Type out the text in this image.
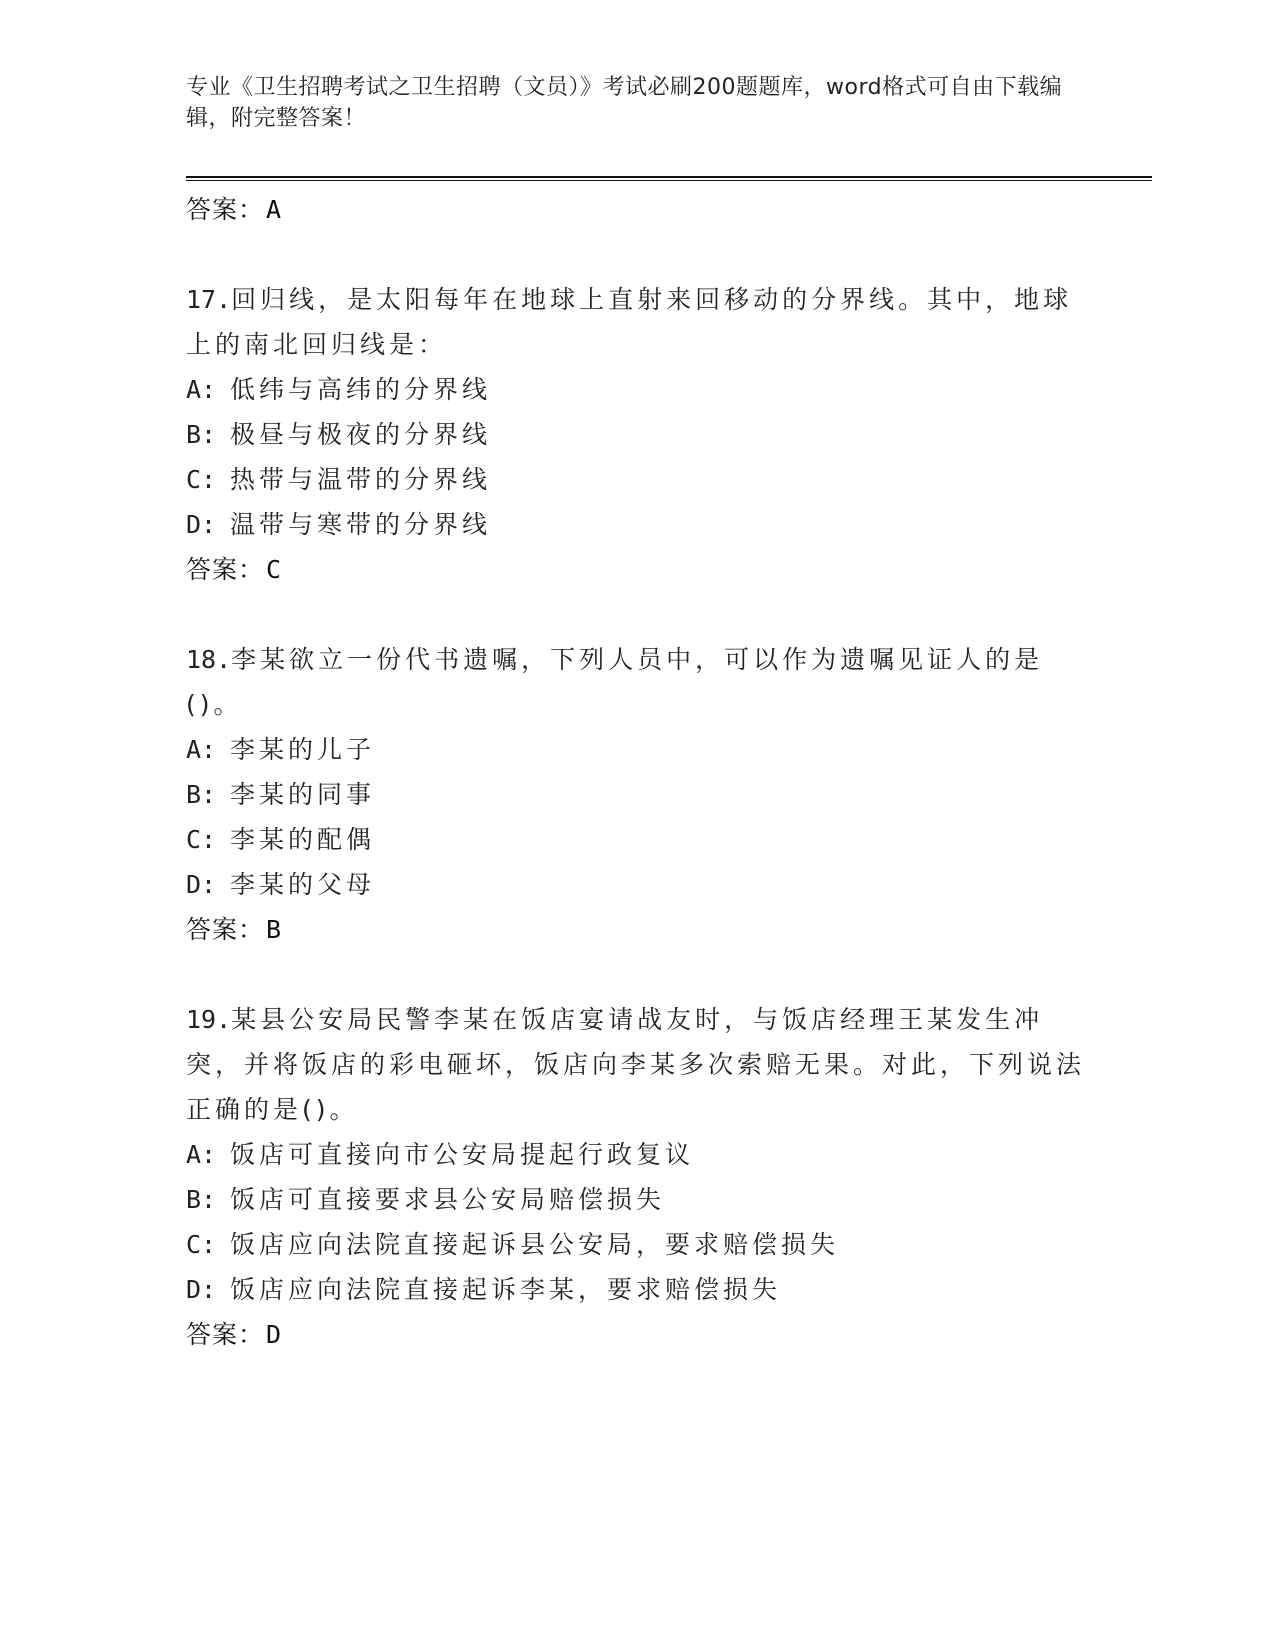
专业《卫生招聘考试之卫生招聘（文员）》考试必刷200题题库，word格式可自由下载编辑，附完整答案！
答案：A
17.回归线，是太阳每年在地球上直射来回移动的分界线。其中，地球上的南北回归线是：
A: 低纬与高纬的分界线
B: 极昼与极夜的分界线
C: 热带与温带的分界线
D: 温带与寒带的分界线
答案：C
18.李某欲立一份代书遗嘱，下列人员中，可以作为遗嘱见证人的是()。
A: 李某的儿子
B: 李某的同事
C: 李某的配偶
D: 李某的父母
答案：B
19.某县公安局民警李某在饭店宴请战友时，与饭店经理王某发生冲突，并将饭店的彩电砸坏，饭店向李某多次索赔无果。对此，下列说法正确的是()。
A: 饭店可直接向市公安局提起行政复议
B: 饭店可直接要求县公安局赔偿损失
C: 饭店应向法院直接起诉县公安局，要求赔偿损失
D: 饭店应向法院直接起诉李某，要求赔偿损失
答案：D
